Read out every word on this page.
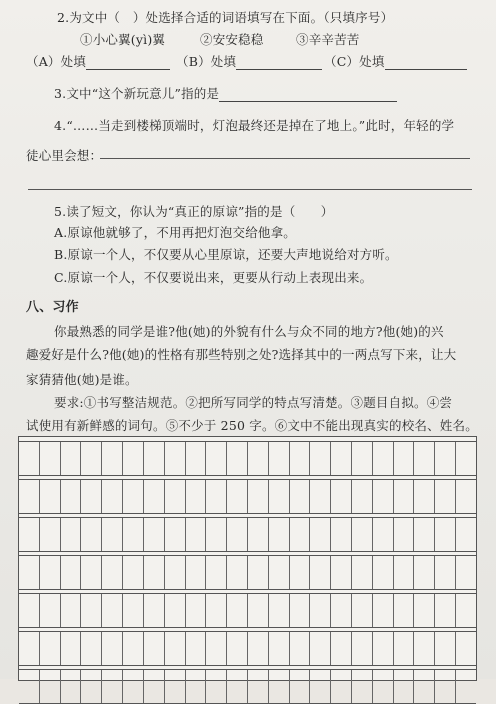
2.为文中（　）处选择合适的词语填写在下面。（只填序号）
①小心翼(yì)翼	②安安稳稳	③辛辛苦苦
（A）处填	（B）处填	（C）处填
3.文中“这个新玩意儿”指的是
4.“……当走到楼梯顶端时，灯泡最终还是掉在了地上。”此时，年轻的学
徒心里会想：
5.读了短文，你认为“真正的原谅”指的是（　　）
A.原谅他就够了，不用再把灯泡交给他拿。
B.原谅一个人，不仅要从心里原谅，还要大声地说给对方听。
C.原谅一个人，不仅要说出来，更要从行动上表现出来。
八、习作
你最熟悉的同学是谁?他(她)的外貌有什么与众不同的地方?他(她)的兴
趣爱好是什么?他(她)的性格有那些特别之处?选择其中的一两点写下来，让大
家猜猜他(她)是谁。
要求:①书写整洁规范。②把所写同学的特点写清楚。③题目自拟。④尝
试使用有新鲜感的词句。⑤不少于 250 字。⑥文中不能出现真实的校名、姓名。
